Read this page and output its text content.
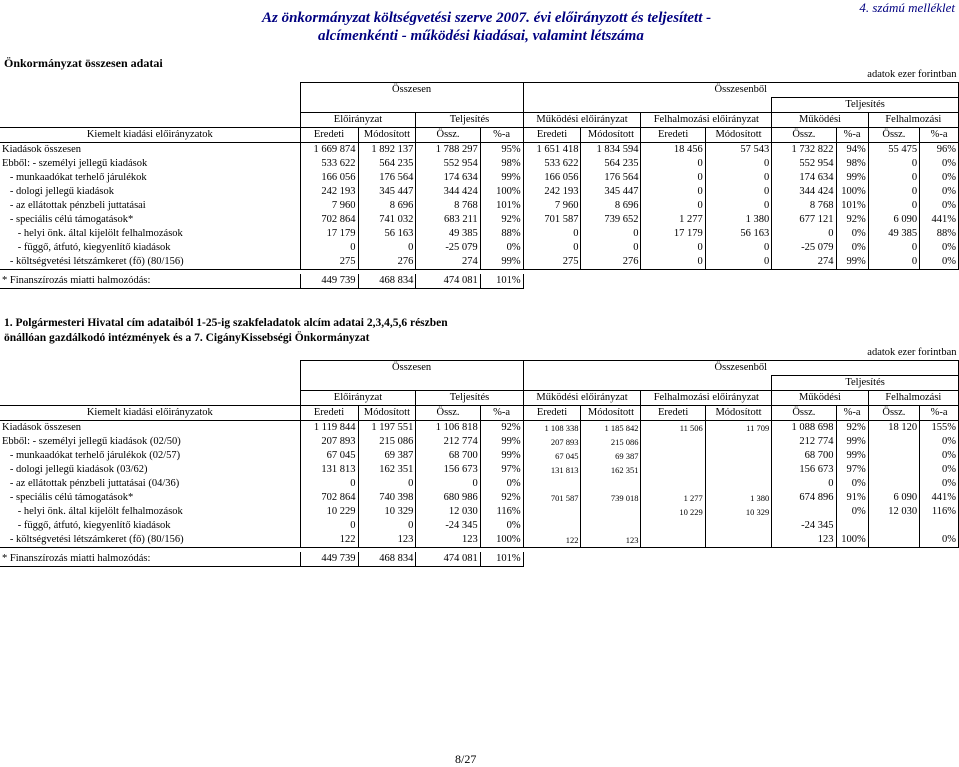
Az önkormányzat költségvetési szerve 2007. évi előirányzott és teljesített -
alcímenkénti - működési kiadásai, valamint létszáma
4. számú melléklet
Önkormányzat összesen adatai
adatok ezer forintban												
	Összesen				Összesenből							
									Teljesítés			
	Előirányzat		Teljesítés		Működési előirányzat		Felhalmozási előirányzat		Működési		Felhalmozási	
Kiemelt kiadási előirányzatok	Eredeti	Módosított	Össz.	%-a	Eredeti	Módosított	Eredeti	Módosított	Össz.	%-a	Össz.	%-a
Kiadások összesen	1 669 874	1 892 137	1 788 297	95%	1 651 418	1 834 594	18 456	57 543	1 732 822	94%	55 475	96%
Ebből: - személyi jellegű kiadások	533 622	564 235	552 954	98%	533 622	564 235	0	0	552 954	98%	0	0%
- munkaadókat terhelő járulékok	166 056	176 564	174 634	99%	166 056	176 564	0	0	174 634	99%	0	0%
- dologi jellegű kiadások	242 193	345 447	344 424	100%	242 193	345 447	0	0	344 424	100%	0	0%
- az ellátottak pénzbeli juttatásai	7 960	8 696	8 768	101%	7 960	8 696	0	0	8 768	101%	0	0%
- speciális célú támogatások*	702 864	741 032	683 211	92%	701 587	739 652	1 277	1 380	677 121	92%	6 090	441%
- helyi önk. által kijelölt felhalmozások	17 179	56 163	49 385	88%	0	0	17 179	56 163	0	0%	49 385	88%
- függő, átfutó, kiegyenlítő kiadások	0	0	-25 079	0%	0	0	0	0	-25 079	0%	0	0%
- költségvetési létszámkeret (fő) (80/156)	275	276	274	99%	275	276	0	0	274	99%	0	0%

* Finanszírozás miatti halmozódás:	449 739	468 834	474 081	101%								
1. Polgármesteri Hivatal cím adataiból 1-25-ig szakfeladatok alcím adatai 2,3,4,5,6 részben
önállóan gazdálkodó intézmények és a 7. CigányKissebségi Önkormányzat
adatok ezer forintban												
	Összesen				Összesenből							
									Teljesítés			
	Előirányzat		Teljesítés		Működési előirányzat		Felhalmozási előirányzat		Működési		Felhalmozási	
Kiemelt kiadási előirányzatok	Eredeti	Módosított	Össz.	%-a	Eredeti	Módosított	Eredeti	Módosított	Össz.	%-a	Össz.	%-a
Kiadások összesen	1 119 844	1 197 551	1 106 818	92%	1 108 338	1 185 842	11 506	11 709	1 088 698	92%	18 120	155%
Ebből: - személyi jellegű kiadások (02/50)	207 893	215 086	212 774	99%	207 893	215 086			212 774	99%		0%
- munkaadókat terhelő járulékok (02/57)	67 045	69 387	68 700	99%	67 045	69 387			68 700	99%		0%
- dologi jellegű kiadások (03/62)	131 813	162 351	156 673	97%	131 813	162 351			156 673	97%		0%
- az ellátottak pénzbeli juttatásai (04/36)	0	0	0	0%					0	0%		0%
- speciális célú támogatások*	702 864	740 398	680 986	92%	701 587	739 018	1 277	1 380	674 896	91%	6 090	441%
- helyi önk. által kijelölt felhalmozások	10 229	10 329	12 030	116%			10 229	10 329		0%	12 030	116%
- függő, átfutó, kiegyenlítő kiadások	0	0	-24 345	0%					-24 345			
- költségvetési létszámkeret (fő) (80/156)	122	123	123	100%	122	123			123	100%		0%

* Finanszírozás miatti halmozódás:	449 739	468 834	474 081	101%								
8/27
